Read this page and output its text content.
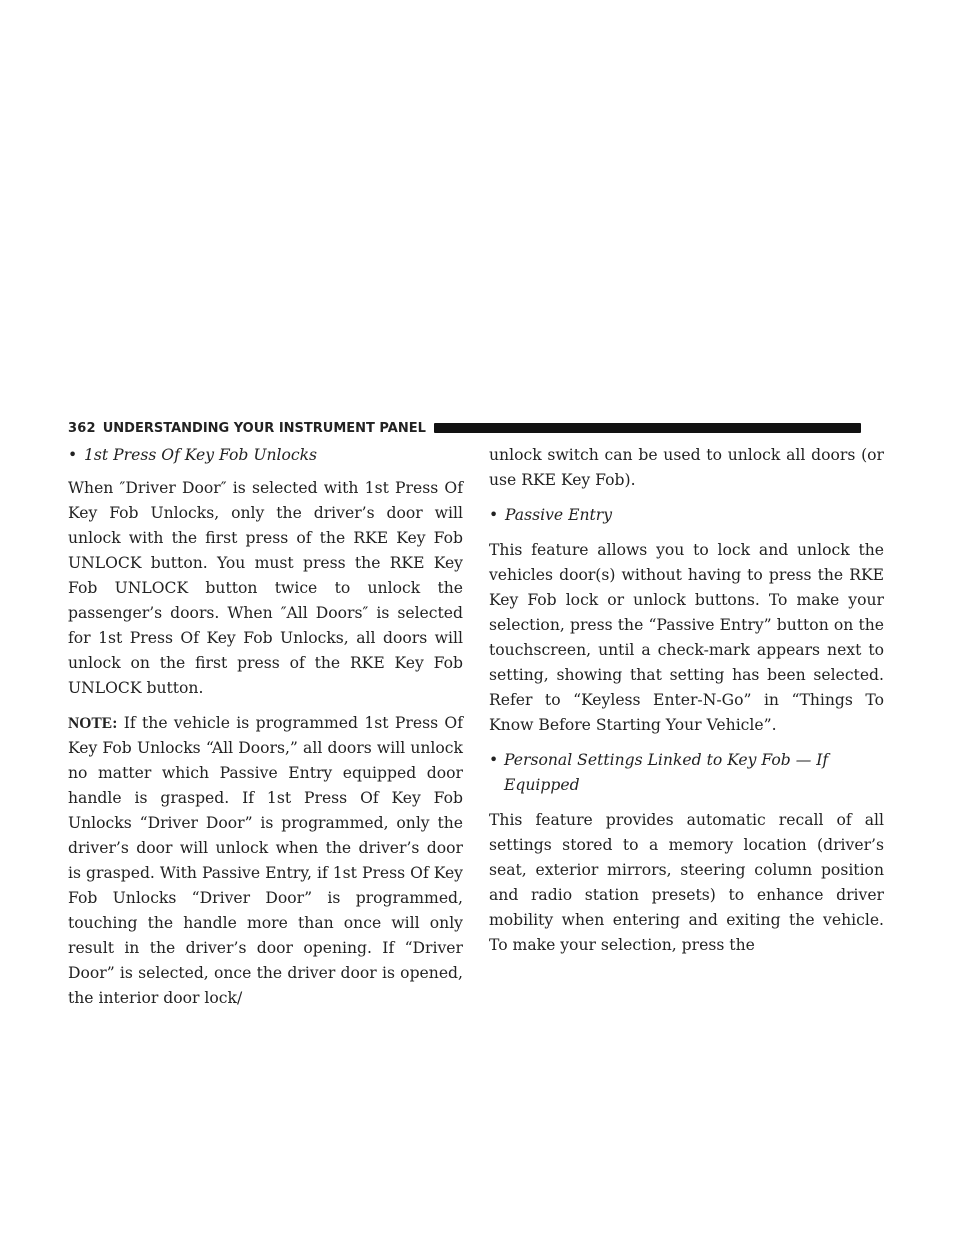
362 UNDERSTANDING YOUR INSTRUMENT PANEL
• 1st Press Of Key Fob Unlocks

When ″Driver Door″ is selected with 1st Press Of Key Fob Unlocks, only the driver’s door will unlock with the first press of the RKE Key Fob UNLOCK button. You must press the RKE Key Fob UNLOCK button twice to unlock the passenger’s doors. When ″All Doors″ is selected for 1st Press Of Key Fob Unlocks, all doors will unlock on the first press of the RKE Key Fob UNLOCK button.

NOTE: If the vehicle is programmed 1st Press Of Key Fob Unlocks “All Doors,” all doors will unlock no matter which Passive Entry equipped door handle is grasped. If 1st Press Of Key Fob Unlocks “Driver Door” is programmed, only the driver’s door will unlock when the driver’s door is grasped. With Passive Entry, if 1st Press Of Key Fob Unlocks “Driver Door” is programmed, touching the handle more than once will only result in the driver’s door opening. If “Driver Door” is selected, once the driver door is opened, the interior door lock/

unlock switch can be used to unlock all doors (or use RKE Key Fob).

• Passive Entry

This feature allows you to lock and unlock the vehicles door(s) without having to press the RKE Key Fob lock or unlock buttons. To make your selection, press the “Passive Entry” button on the touchscreen, until a check-mark appears next to setting, showing that setting has been selected. Refer to “Keyless Enter-N-Go” in “Things To Know Before Starting Your Vehicle”.

• Personal Settings Linked to Key Fob — If Equipped

This feature provides automatic recall of all settings stored to a memory location (driver’s seat, exterior mirrors, steering column position and radio station presets) to enhance driver mobility when entering and exiting the vehicle. To make your selection, press the
